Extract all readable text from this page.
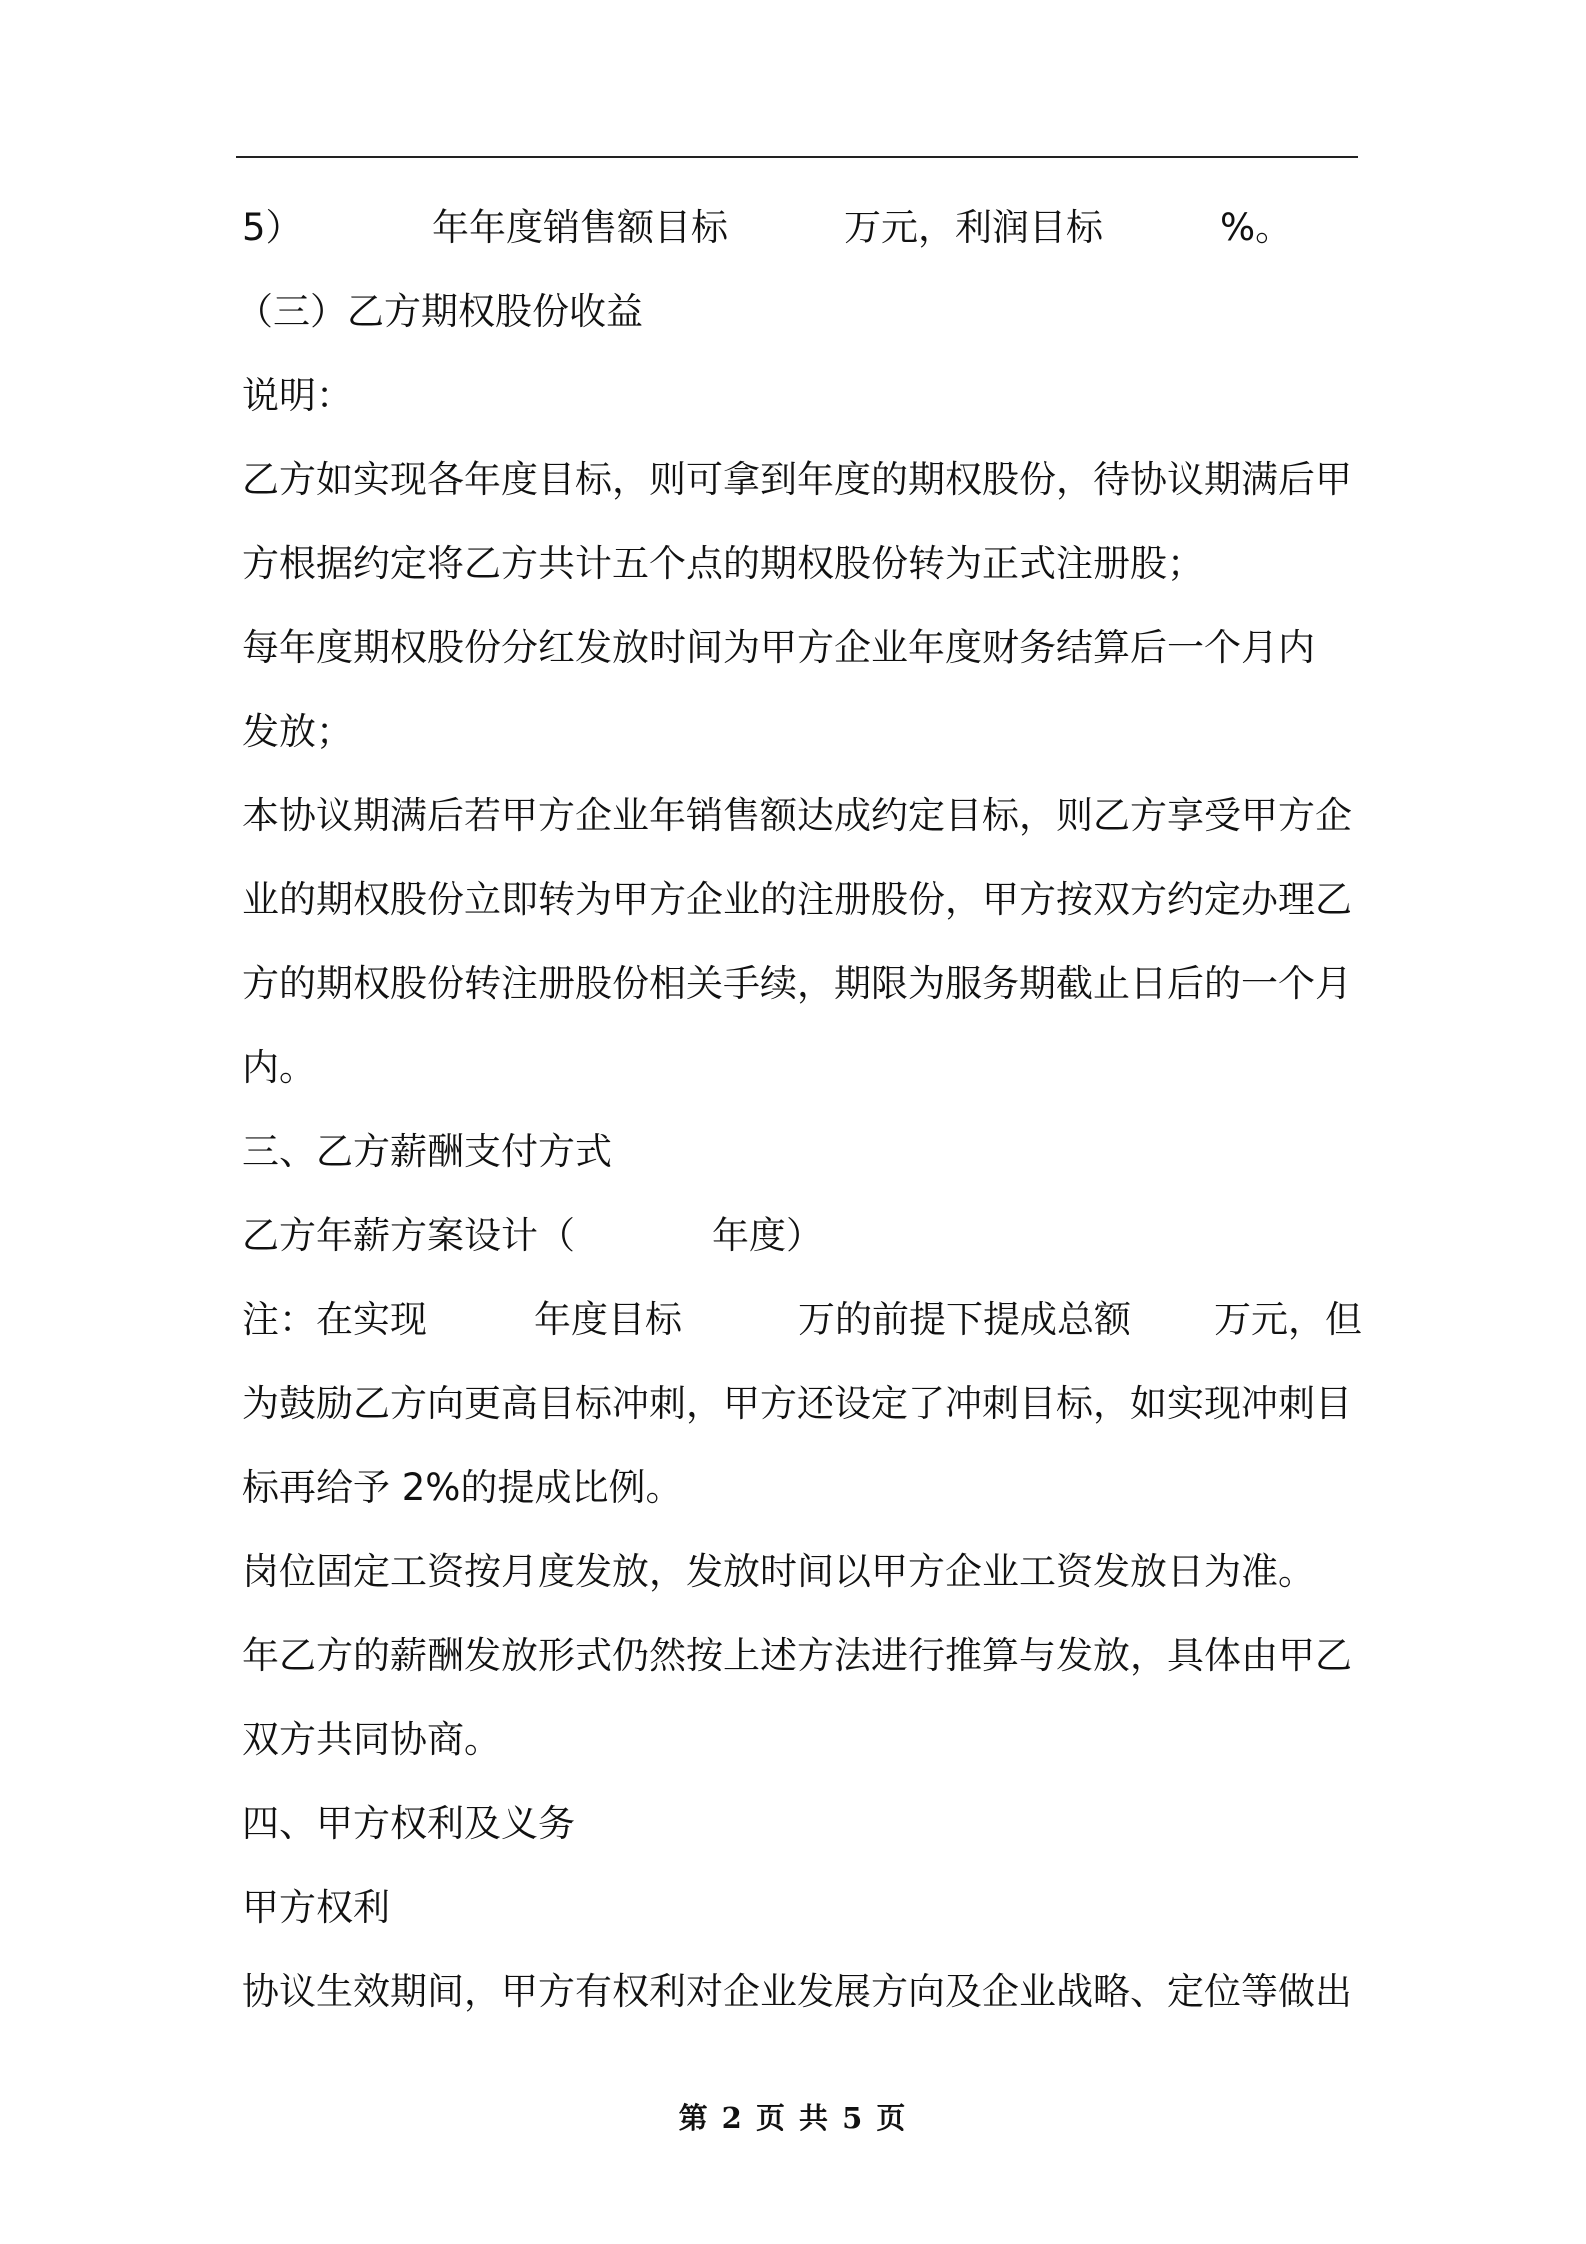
5）	年年度销售额目标	万元，利润目标	%。
（三）乙方期权股份收益
说明：
乙方如实现各年度目标，则可拿到年度的期权股份，待协议期满后甲
方根据约定将乙方共计五个点的期权股份转为正式注册股；
每年度期权股份分红发放时间为甲方企业年度财务结算后一个月内
发放；
本协议期满后若甲方企业年销售额达成约定目标，则乙方享受甲方企
业的期权股份立即转为甲方企业的注册股份，甲方按双方约定办理乙
方的期权股份转注册股份相关手续，期限为服务期截止日后的一个月
内。
三、乙方薪酬支付方式
乙方年薪方案设计（	年度）
注：在实现	年度目标	万的前提下提成总额 万元，但
为鼓励乙方向更高目标冲刺，甲方还设定了冲刺目标，如实现冲刺目
标再给予 2%的提成比例。
岗位固定工资按月度发放，发放时间以甲方企业工资发放日为准。
年乙方的薪酬发放形式仍然按上述方法进行推算与发放，具体由甲乙
双方共同协商。
四、甲方权利及义务
甲方权利
协议生效期间，甲方有权利对企业发展方向及企业战略、定位等做出
第 2 页 共 5 页
